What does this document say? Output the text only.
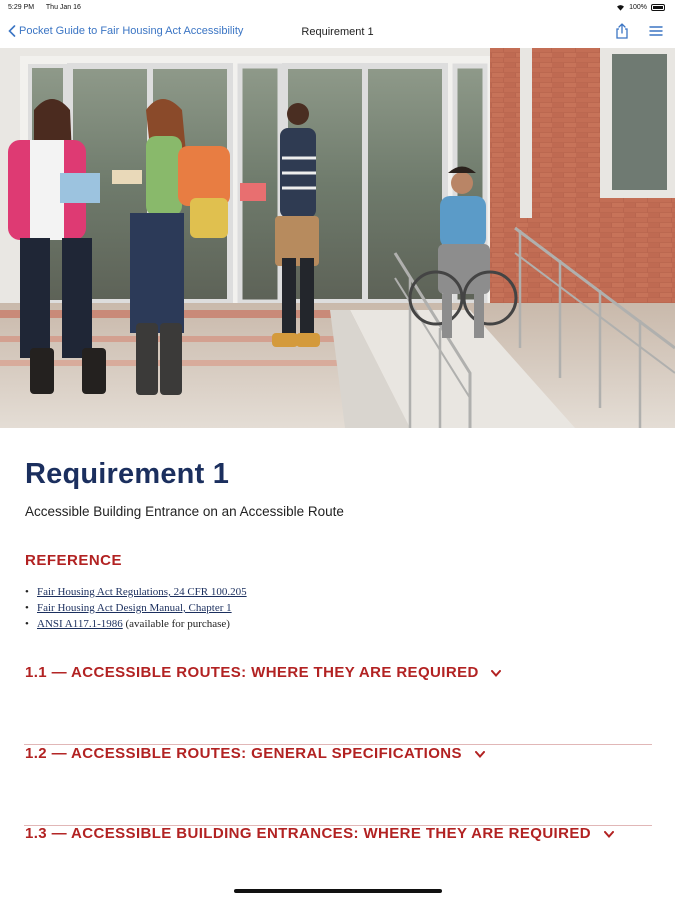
5:29 PM Thu Jan 16	100%
Pocket Guide to Fair Housing Act Accessibility	Requirement 1
Requirement 1
Accessible Building Entrance on an Accessible Route
REFERENCE
• Fair Housing Act Regulations, 24 CFR 100.205
• Fair Housing Act Design Manual, Chapter 1
• ANSI A117.1-1986 (available for purchase)
1.1 — ACCESSIBLE ROUTES: WHERE THEY ARE REQUIRED
1.2 — ACCESSIBLE ROUTES: GENERAL SPECIFICATIONS
1.3 — ACCESSIBLE BUILDING ENTRANCES: WHERE THEY ARE REQUIRED
